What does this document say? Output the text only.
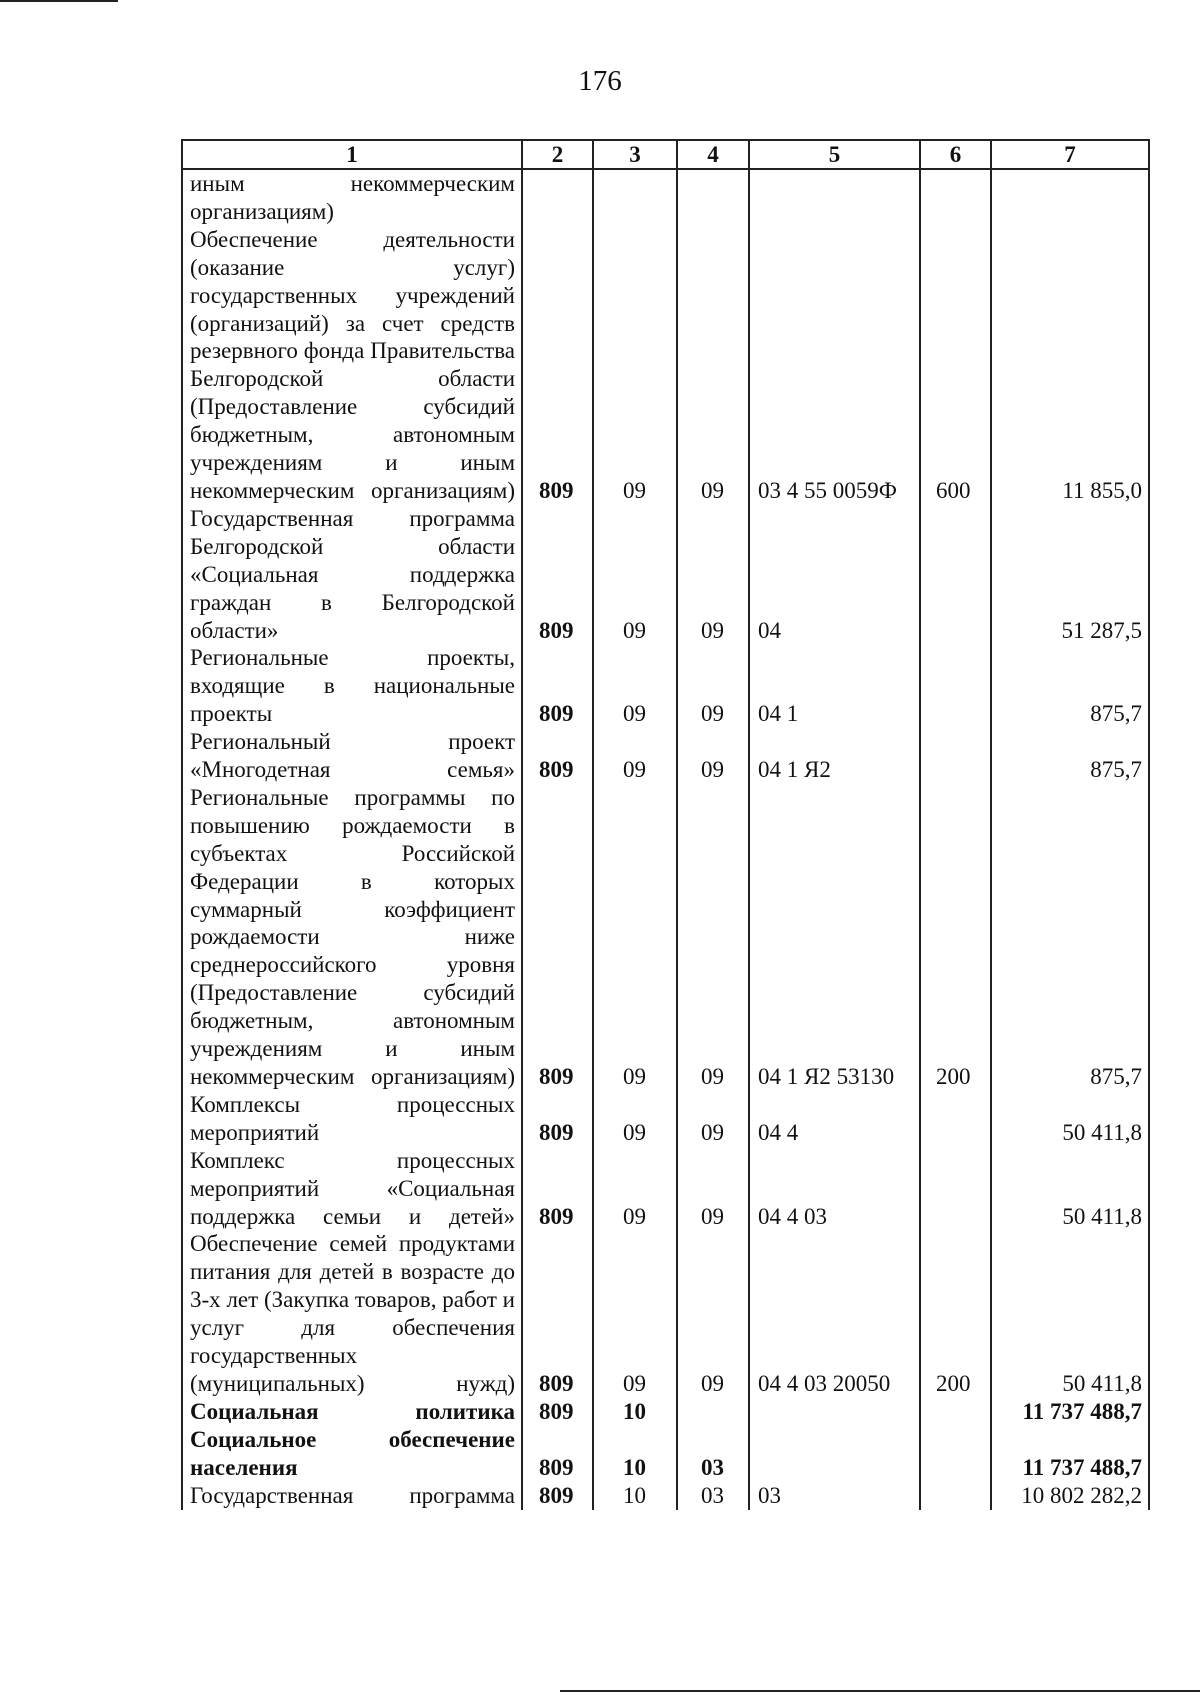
176
1	2	3	4	5	6	7
иным некоммерческим организациям)						
Обеспечение деятельности (оказание услуг) государственных учреждений (организаций) за счет средств резервного фонда Правительства Белгородской области (Предоставление субсидий бюджетным, автономным учреждениям и иным некоммерческим организациям)	809	09	09	03 4 55 0059Ф	600	11 855,0
Государственная программа Белгородской области «Социальная поддержка граждан в Белгородской области»	809	09	09	04		51 287,5
Региональные проекты, входящие в национальные проекты	809	09	09	04 1		875,7
Региональный проект «Многодетная семья»	809	09	09	04 1 Я2		875,7
Региональные программы по повышению рождаемости в субъектах Российской Федерации в которых суммарный коэффициент рождаемости ниже среднероссийского уровня (Предоставление субсидий бюджетным, автономным учреждениям и иным некоммерческим организациям)	809	09	09	04 1 Я2 53130	200	875,7
Комплексы процессных мероприятий	809	09	09	04 4		50 411,8
Комплекс процессных мероприятий «Социальная поддержка семьи и детей»	809	09	09	04 4 03		50 411,8
Обеспечение семей продуктами питания для детей в возрасте до 3-х лет (Закупка товаров, работ и услуг для обеспечения государственных (муниципальных) нужд)	809	09	09	04 4 03 20050	200	50 411,8
Социальная политика	809	10				11 737 488,7
Социальное обеспечение населения	809	10	03			11 737 488,7
Государственная программа	809	10	03	03		10 802 282,2
